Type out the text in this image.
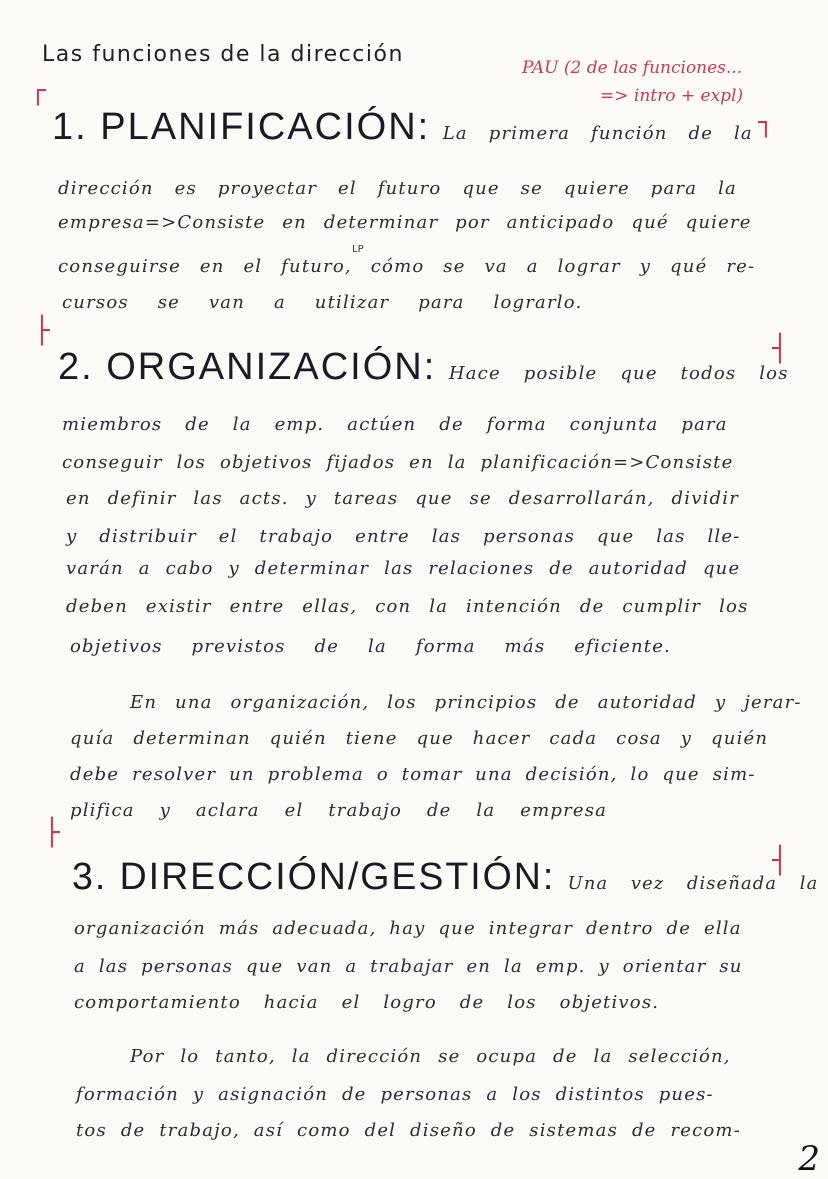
Las funciones de la dirección
PAU (2 de las funciones...
=> intro + expl)
┌
┐
├
┤
├
┤
1. PLANIFICACIÓN: La primera función de la
LP
dirección es proyectar el futuro que se quiere para la
empresa=>Consiste en determinar por anticipado qué quiere
conseguirse en el futuro, cómo se va a lograr y qué re-
cursos se van a utilizar para lograrlo.
2. ORGANIZACIÓN: Hace posible que todos los
miembros de la emp. actúen de forma conjunta para
conseguir los objetivos fijados en la planificación=>Consiste
en definir las acts. y tareas que se desarrollarán, dividir
y distribuir el trabajo entre las personas que las lle-
varán a cabo y determinar las relaciones de autoridad que
deben existir entre ellas, con la intención de cumplir los
objetivos previstos de la forma más eficiente.
En una organización, los principios de autoridad y jerar-
quía determinan quién tiene que hacer cada cosa y quién
debe resolver un problema o tomar una decisión, lo que sim-
plifica y aclara el trabajo de la empresa
3. DIRECCIÓN/GESTIÓN: Una vez diseñada la
organización más adecuada, hay que integrar dentro de ella
a las personas que van a trabajar en la emp. y orientar su
comportamiento hacia el logro de los objetivos.
Por lo tanto, la dirección se ocupa de la selección,
formación y asignación de personas a los distintos pues-
tos de trabajo, así como del diseño de sistemas de recom-
2
